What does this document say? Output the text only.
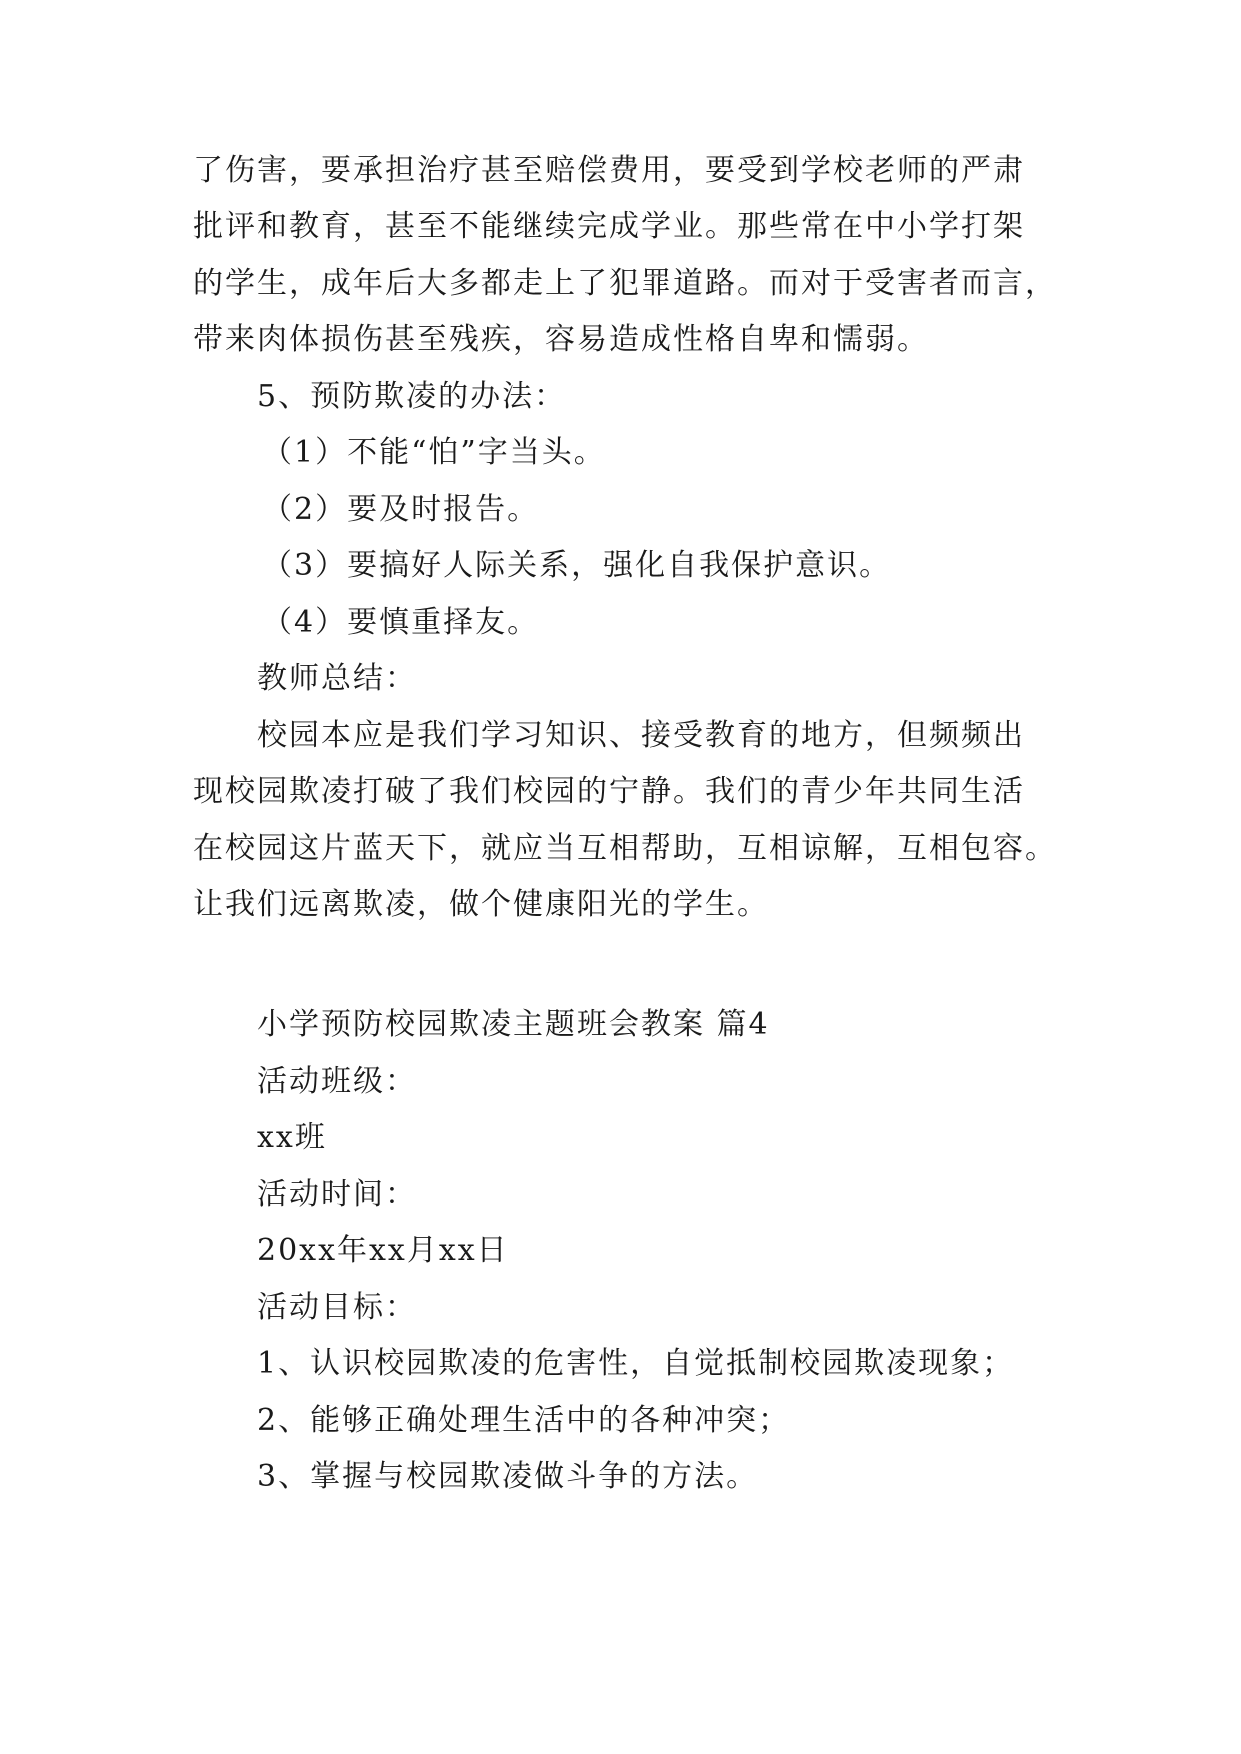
了伤害，要承担治疗甚至赔偿费用，要受到学校老师的严肃
批评和教育，甚至不能继续完成学业。那些常在中小学打架
的学生，成年后大多都走上了犯罪道路。而对于受害者而言，
带来肉体损伤甚至残疾，容易造成性格自卑和懦弱。
5、预防欺凌的办法：
（1）不能“怕”字当头。
（2）要及时报告。
（3）要搞好人际关系，强化自我保护意识。
（4）要慎重择友。
教师总结：
校园本应是我们学习知识、接受教育的地方，但频频出
现校园欺凌打破了我们校园的宁静。我们的青少年共同生活
在校园这片蓝天下，就应当互相帮助，互相谅解，互相包容。
让我们远离欺凌，做个健康阳光的学生。
小学预防校园欺凌主题班会教案 篇4
活动班级：
xx班
活动时间：
20xx年xx月xx日
活动目标：
1、认识校园欺凌的危害性，自觉抵制校园欺凌现象；
2、能够正确处理生活中的各种冲突；
3、掌握与校园欺凌做斗争的方法。
